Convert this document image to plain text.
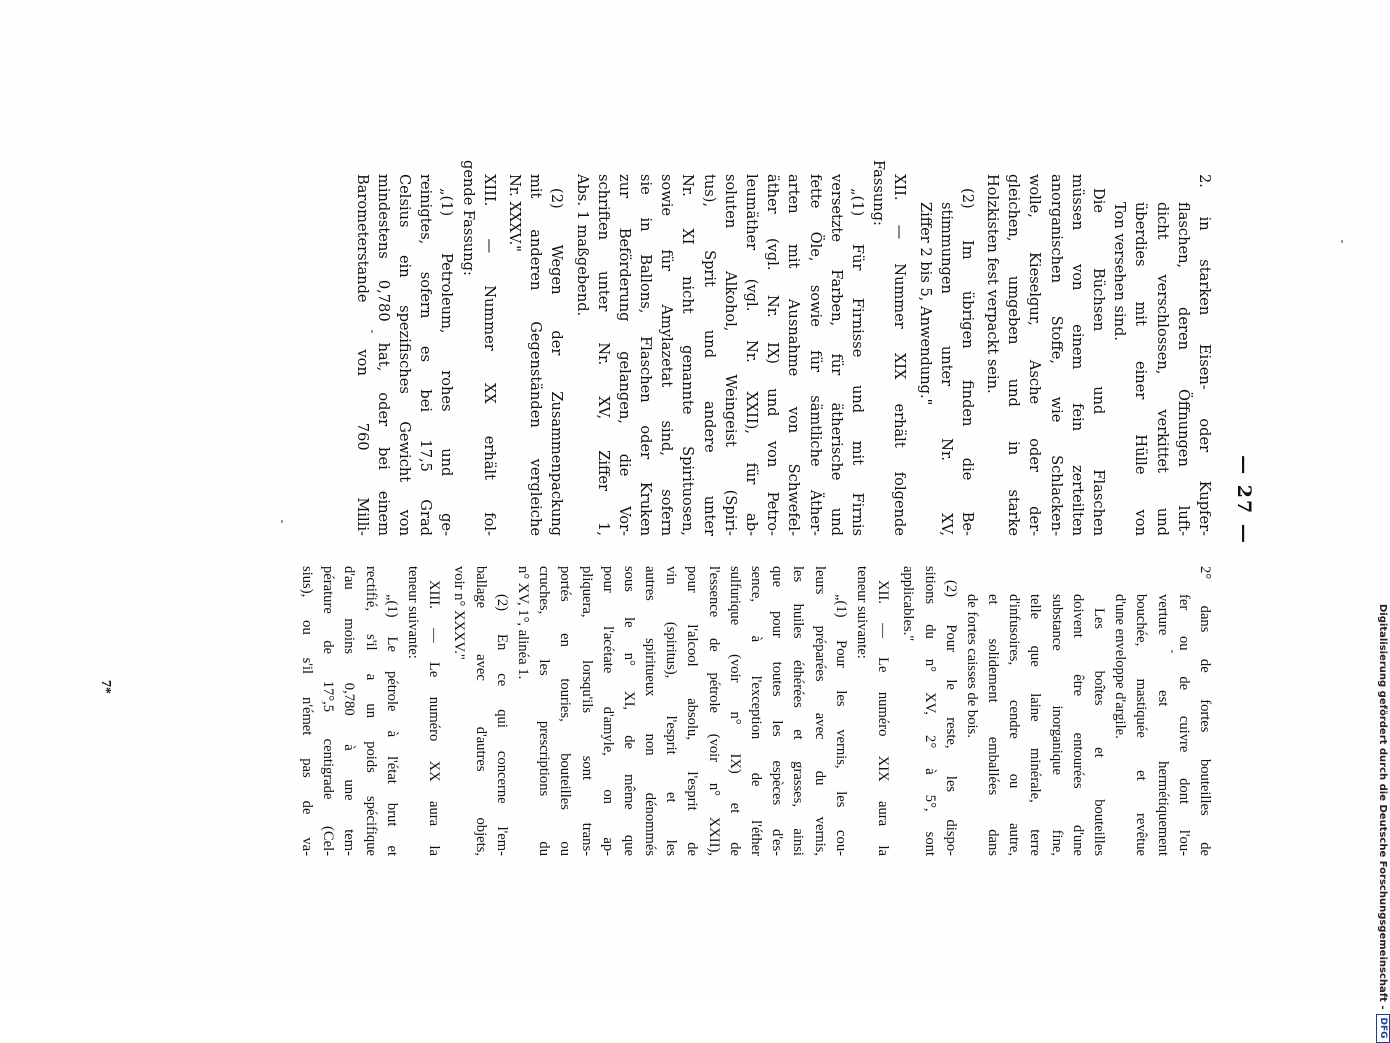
— 27 —
2. in starken Eisen- oder Kupfer-
flaschen, deren Öffnungen luft-
dicht verschlossen, verkittet und
überdies mit einer Hülle von
Ton versehen sind.
Die Büchsen und Flaschen
müssen von einem fein zerteilten
anorganischen Stoffe, wie Schlacken-
wolle, Kieselgur, Asche oder der-
gleichen, umgeben und in starke
Holzkisten fest verpackt sein.
(2) Im übrigen finden die Be-
stimmungen unter Nr. XV,
Ziffer 2 bis 5, Anwendung."
XII. — Nummer XIX erhält folgende
Fassung:
„(1) Für Firnisse und mit Firnis
versetzte Farben, für ätherische und
fette Öle, sowie für sämtliche Äther-
arten mit Ausnahme von Schwefel-
äther (vgl. Nr. IX) und von Petro-
leumäther (vgl. Nr. XXII), für ab-
soluten Alkohol, Weingeist (Spiri-
tus), Sprit und andere unter
Nr. XI nicht genannte Spirituosen,
sowie für Amylazetat sind, sofern
sie in Ballons, Flaschen oder Kruken
zur Beförderung gelangen, die Vor-
schriften unter Nr. XV, Ziffer 1,
Abs. 1 maßgebend.
(2) Wegen der Zusammenpackung
mit anderen Gegenständen vergleiche
Nr. XXXV."
XIII. — Nummer XX erhält fol-
gende Fassung:
„(1) Petroleum, rohes und ge-
reinigtes, sofern es bei 17,5 Grad
Celsius ein spezifisches Gewicht von
mindestens 0,780 hat, oder bei einem
Barometerstande von 760 Milli-
2° dans de fortes bouteilles de
fer ou de cuivre dont l'ou-
verture est hermétiquement
bouchée, mastiquée et revêtue
d'une enveloppe d'argile.
Les boîtes et bouteilles
doivent être entourées d'une
substance inorganique fine,
telle que laine minérale, terre
d'infusoires, cendre ou autre,
et solidement emballées dans
de fortes caisses de bois.
(2) Pour le reste, les dispo-
sitions du n° XV, 2° à 5°, sont
applicables."
XII. — Le numéro XIX aura la
teneur suivante:
„(1) Pour les vernis, les cou-
leurs préparées avec du vernis,
les huiles éthérées et grasses, ainsi
que pour toutes les espèces d'es-
sence, à l'exception de l'éther
sulfurique (voir n° IX) et de
l'essence de pétrole (voir n° XXII),
pour l'alcool absolu, l'esprit de
vin (spiritus), l'esprit et les
autres spiritueux non dénommés
sous le n° XI, de même que
pour l'acétate d'amyle, on ap-
pliquera, lorsqu'ils sont trans-
portés en touries, bouteilles ou
cruches, les prescriptions du
n° XV, 1°, alinéa 1.
(2) En ce qui concerne l'em-
ballage avec d'autres objets,
voir n° XXXV."
XIII. — Le numéro XX aura la
teneur suivante:
„(1) Le pétrole à l'état brut et
rectifié, s'il a un poids spécifique
d'au moins 0,780 à une tem-
pérature de 17°,5 centigrade (Cel-
sius), ou s'il n'émet pas de va-
7*	Digitalisierung gefördert durch die Deutsche Forschungsgemeinschaft -
DFG
